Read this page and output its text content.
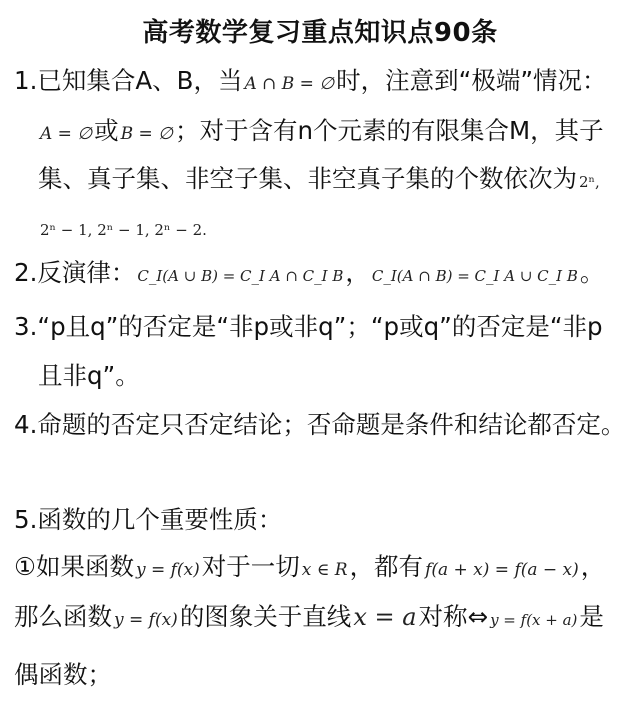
高考数学复习重点知识点90条
1.已知集合A、B，当 A ∩ B = ∅时，注意到“极端”情况：
A = ∅或 B = ∅；对于含有n个元素的有限集合M，其子
集、真子集、非空子集、非空真子集的个数依次为 2ⁿ,
2ⁿ − 1, 2ⁿ − 1, 2ⁿ − 2.
2.反演律： C_I(A ∪ B) = C_I A ∩ C_I B， C_I(A ∩ B) = C_I A ∪ C_I B。
3.“p且q”的否定是“非p或非q”；“p或q”的否定是“非p
且非q”。
4.命题的否定只否定结论；否命题是条件和结论都否定。
5.函数的几个重要性质：
①如果函数 y = f(x)对于一切 x ∈ R，都有 f(a + x) = f(a − x)，
那么函数 y = f(x)的图象关于直线x = a对称⇔ y = f(x + a)是
偶函数；
